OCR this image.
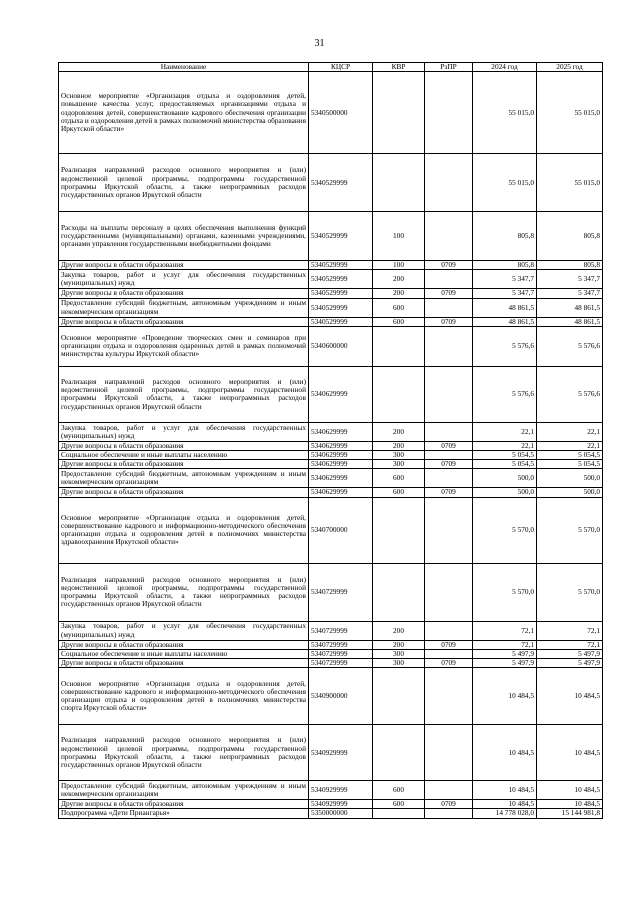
31
Наименование	КЦСР	КВР	РзПР	2024 год	2025 год
Основное мероприятие «Организация отдыха и оздоровления детей, повышение качества услуг, предоставляемых организациями отдыха и оздоровления детей, совершенствование кадрового обеспечения организации отдыха и оздоровления детей в рамках полномочий министерства образования Иркутской области»	5340500000			55 015,0	55 015,0
Реализация направлений расходов основного мероприятия и (или) ведомственной целевой программы, подпрограммы государственной программы Иркутской области, а также непрограммных расходов государственных органов Иркутской области	5340529999			55 015,0	55 015,0
Расходы на выплаты персоналу в целях обеспечения выполнения функций государственными (муниципальными) органами, казенными учреждениями, органами управления государственными внебюджетными фондами	5340529999	100		805,8	805,8
Другие вопросы в области образования	5340529999	100	0709	805,8	805,8
Закупка товаров, работ и услуг для обеспечения государственных (муниципальных) нужд	5340529999	200		5 347,7	5 347,7
Другие вопросы в области образования	5340529999	200	0709	5 347,7	5 347,7
Предоставление субсидий бюджетным, автономным учреждениям и иным некоммерческим организациям	5340529999	600		48 861,5	48 861,5
Другие вопросы в области образования	5340529999	600	0709	48 861,5	48 861,5
Основное мероприятие «Проведение творческих смен и семинаров при организации отдыха и оздоровления одаренных детей в рамках полномочий министерства культуры Иркутской области»	5340600000			5 576,6	5 576,6
Реализация направлений расходов основного мероприятия и (или) ведомственной целевой программы, подпрограммы государственной программы Иркутской области, а также непрограммных расходов государственных органов Иркутской области	5340629999			5 576,6	5 576,6
Закупка товаров, работ и услуг для обеспечения государственных (муниципальных) нужд	5340629999	200		22,1	22,1
Другие вопросы в области образования	5340629999	200	0709	22,1	22,1
Социальное обеспечение и иные выплаты населению	5340629999	300		5 054,5	5 054,5
Другие вопросы в области образования	5340629999	300	0709	5 054,5	5 054,5
Предоставление субсидий бюджетным, автономным учреждениям и иным некоммерческим организациям	5340629999	600		500,0	500,0
Другие вопросы в области образования	5340629999	600	0709	500,0	500,0
Основное мероприятие «Организация отдыха и оздоровления детей, совершенствование кадрового и информационно-методического обеспечения организации отдыха и оздоровления детей в полномочиях министерства здравоохранения Иркутской области»	5340700000			5 570,0	5 570,0
Реализация направлений расходов основного мероприятия и (или) ведомственной целевой программы, подпрограммы государственной программы Иркутской области, а также непрограммных расходов государственных органов Иркутской области	5340729999			5 570,0	5 570,0
Закупка товаров, работ и услуг для обеспечения государственных (муниципальных) нужд	5340729999	200		72,1	72,1
Другие вопросы в области образования	5340729999	200	0709	72,1	72,1
Социальное обеспечение и иные выплаты населению	5340729999	300		5 497,9	5 497,9
Другие вопросы в области образования	5340729999	300	0709	5 497,9	5 497,9
Основное мероприятие «Организация отдыха и оздоровления детей, совершенствование кадрового и информационно-методического обеспечения организации отдыха и оздоровления детей в полномочиях министерства спорта Иркутской области»	5340900000			10 484,5	10 484,5
Реализация направлений расходов основного мероприятия и (или) ведомственной целевой программы, подпрограммы государственной программы Иркутской области, а также непрограммных расходов государственных органов Иркутской области	5340929999			10 484,5	10 484,5
Предоставление субсидий бюджетным, автономным учреждениям и иным некоммерческим организациям	5340929999	600		10 484,5	10 484,5
Другие вопросы в области образования	5340929999	600	0709	10 484,5	10 484,5
Подпрограмма «Дети Приангарья»	5350000000			14 778 028,0	15 144 981,8
